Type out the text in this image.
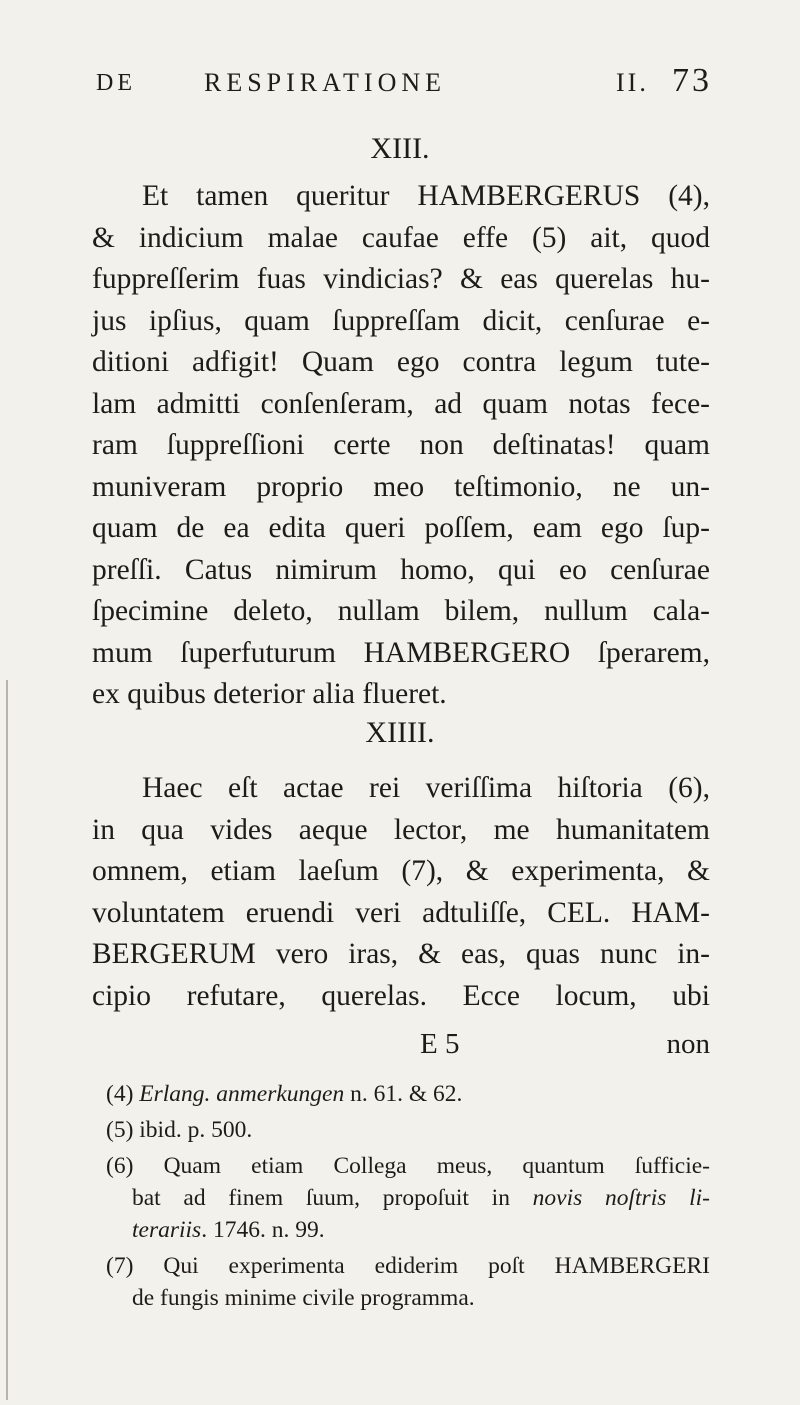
DE	RESPIRATIONE	II. 73
XIII.
Et tamen queritur HAMBERGERUS (4),
& indicium malae caufae effe (5) ait, quod
fuppreſſerim fuas vindicias? & eas querelas hu-
jus ipſius, quam ſuppreſſam dicit, cenſurae e-
ditioni adfigit! Quam ego contra legum tute-
lam admitti conſenſeram, ad quam notas fece-
ram ſuppreſſioni certe non deſtinatas! quam
muniveram proprio meo teſtimonio, ne un-
quam de ea edita queri poſſem, eam ego ſup-
preſſi. Catus nimirum homo, qui eo cenſurae
ſpecimine deleto, nullam bilem, nullum cala-
mum ſuperfuturum HAMBERGERO ſperarem,
ex quibus deterior alia flueret.
XIIII.
Haec eſt actae rei veriſſima hiſtoria (6),
in qua vides aeque lector, me humanitatem
omnem, etiam laeſum (7), & experimenta, &
voluntatem eruendi veri adtuliſſe, CEL. HAM-
BERGERUM vero iras, & eas, quas nunc in-
cipio refutare, querelas. Ecce locum, ubi
E 5	non
(4) Erlang. anmerkungen n. 61. & 62.
(5) ibid. p. 500.
(6) Quam etiam Collega meus, quantum ſufficie-
bat ad finem ſuum, propoſuit in novis noſtris li-
terariis. 1746. n. 99.
(7) Qui experimenta ediderim poſt HAMBERGERI
de fungis minime civile programma.
